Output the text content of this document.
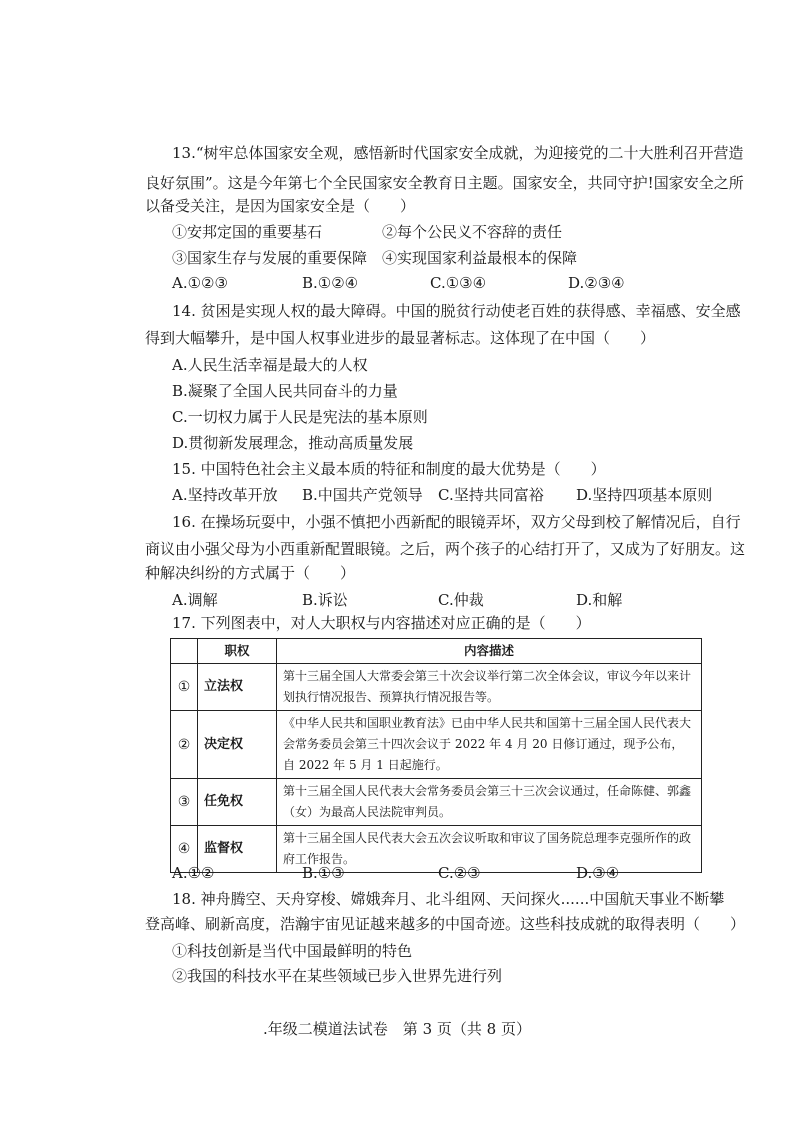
13.“树牢总体国家安全观，感悟新时代国家安全成就，为迎接党的二十大胜利召开营造
良好氛围”。这是今年第七个全民国家安全教育日主题。国家安全，共同守护!国家安全之所
以备受关注，是因为国家安全是（　　）
①安邦定国的重要基石	②每个公民义不容辞的责任
③国家生存与发展的重要保障 ④实现国家利益最根本的保障
A.①②③	B.①②④	C.①③④	D.②③④
14. 贫困是实现人权的最大障碍。中国的脱贫行动使老百姓的获得感、幸福感、安全感
得到大幅攀升，是中国人权事业进步的最显著标志。这体现了在中国（　　）
A.人民生活幸福是最大的人权
B.凝聚了全国人民共同奋斗的力量
C.一切权力属于人民是宪法的基本原则
D.贯彻新发展理念，推动高质量发展
15. 中国特色社会主义最本质的特征和制度的最大优势是（　　）
A.坚持改革开放 B.中国共产党领导 C.坚持共同富裕 D.坚持四项基本原则
16. 在操场玩耍中，小强不慎把小西新配的眼镜弄坏，双方父母到校了解情况后，自行
商议由小强父母为小西重新配置眼镜。之后，两个孩子的心结打开了，又成为了好朋友。这
种解决纠纷的方式属于（　　）
A.调解	B.诉讼	C.仲裁	D.和解
17. 下列图表中，对人大职权与内容描述对应正确的是（　　）
	职权	内容描述
①	立法权	第十三届全国人大常委会第三十次会议举行第二次全体会议，审议今年以来计划执行情况报告、预算执行情况报告等。
②	决定权	《中华人民共和国职业教育法》已由中华人民共和国第十三届全国人民代表大会常务委员会第三十四次会议于 2022 年 4 月 20 日修订通过，现予公布，自 2022 年 5 月 1 日起施行。
③	任免权	第十三届全国人民代表大会常务委员会第三十三次会议通过，任命陈健、郭鑫（女）为最高人民法院审判员。
④	监督权	第十三届全国人民代表大会五次会议听取和审议了国务院总理李克强所作的政府工作报告。
A.①②	B.①③	C.②③	D.③④
18. 神舟腾空、天舟穿梭、嫦娥奔月、北斗组网、天问探火......中国航天事业不断攀
登高峰、刷新高度，浩瀚宇宙见证越来越多的中国奇迹。这些科技成就的取得表明（　　）
①科技创新是当代中国最鲜明的特色
②我国的科技水平在某些领域已步入世界先进行列
.年级二模道法试卷　第 3 页（共 8 页）
